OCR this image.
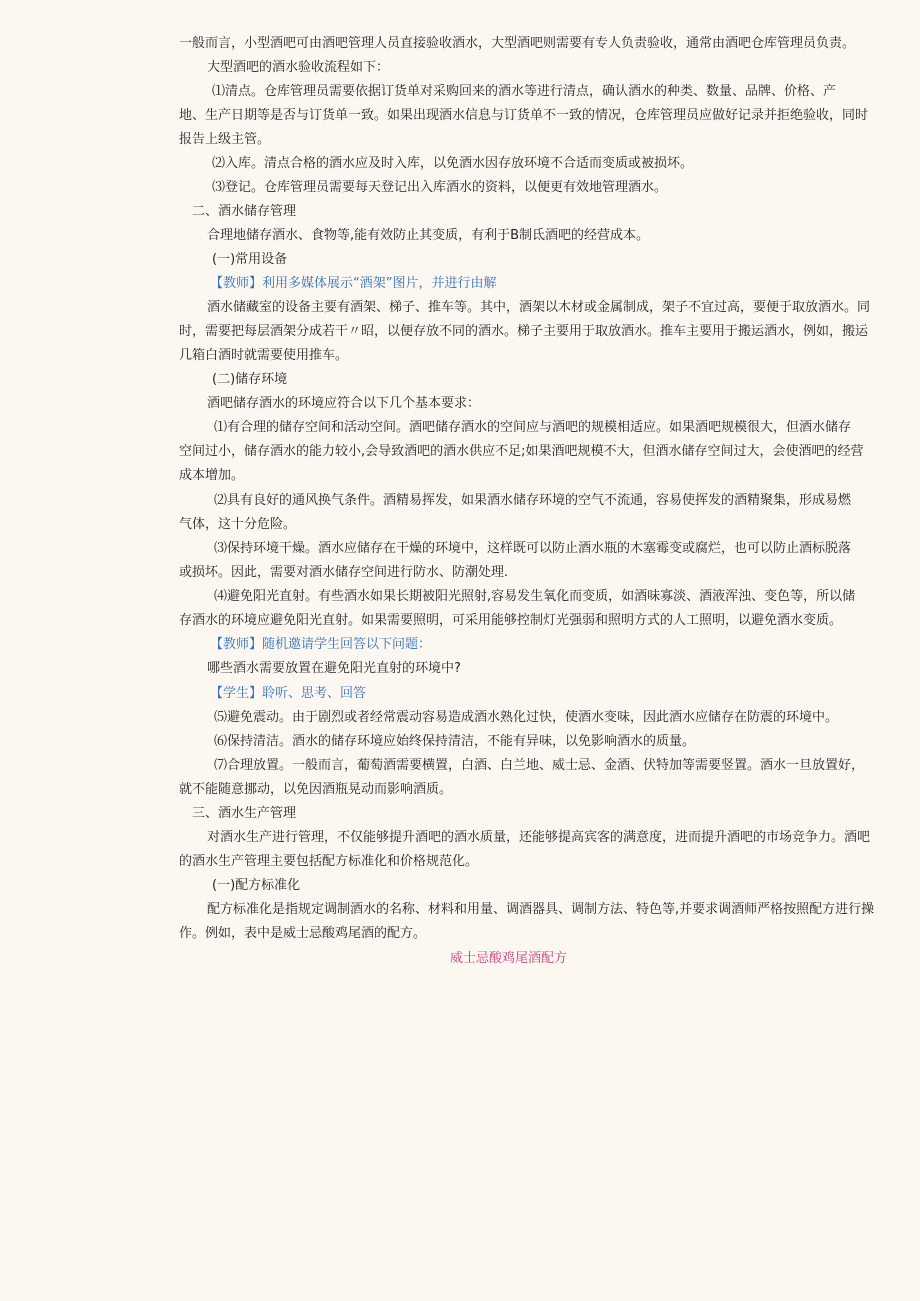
一般而言，小型酒吧可由酒吧管理人员直接验收酒水，大型酒吧则需要有专人负责验收，通常由酒吧仓库管理员负责。
大型酒吧的酒水验收流程如下：
⑴清点。仓库管理员需要依据订货单对采购回来的酒水等进行清点，确认酒水的种类、数量、品牌、价格、产
地、生产日期等是否与订货单一致。如果出现酒水信息与订货单不一致的情况，仓库管理员应做好记录并拒绝验收，同时
报告上级主管。
⑵入库。清点合格的酒水应及时入库，以免酒水因存放环境不合适而变质或被损坏。
⑶登记。仓库管理员需要每天登记出入库酒水的资料，以便更有效地管理酒水。
二、酒水储存管理
合理地储存酒水、食物等,能有效防止其变质，有利于B制氐酒吧的经营成本。
(一)常用设备
【教师】利用多媒体展示“酒架”图片，并进行由解
酒水储藏室的设备主要有酒架、梯子、推车等。其中，酒架以木材或金属制成，架子不宜过高，要便于取放酒水。同
时，需要把每层酒架分成若干〃昭，以便存放不同的酒水。梯子主要用于取放酒水。推车主要用于搬运酒水，例如，搬运
几箱白酒时就需要使用推车。
(二)储存环境
酒吧储存酒水的环境应符合以下几个基本要求：
⑴有合理的储存空间和活动空间。酒吧储存酒水的空间应与酒吧的规模相适应。如果酒吧规模很大，但酒水储存
空间过小，储存酒水的能力较小,会导致酒吧的酒水供应不足;如果酒吧规模不大，但酒水储存空间过大，会使酒吧的经营
成本增加。
⑵具有良好的通风换气条件。酒精易挥发，如果酒水储存环境的空气不流通，容易使挥发的酒精聚集，形成易燃
气体，这十分危险。
⑶保持环境干燥。酒水应储存在干燥的环境中，这样既可以防止酒水瓶的木塞霉变或腐烂，也可以防止酒标脱落
或损坏。因此，需要对酒水储存空间进行防水、防潮处理.
⑷避免阳光直射。有些酒水如果长期被阳光照射,容易发生氧化而变质，如酒味寡淡、酒液浑浊、变色等，所以储
存酒水的环境应避免阳光直射。如果需要照明，可采用能够控制灯光强弱和照明方式的人工照明，以避免酒水变质。
【教师】随机邀请学生回答以下问题：
哪些酒水需要放置在避免阳光直射的环境中?
【学生】聆听、思考、回答
⑸避免震动。由于剧烈或者经常震动容易造成酒水熟化过快，使酒水变味，因此酒水应储存在防震的环境中。
⑹保持清洁。酒水的储存环境应始终保持清洁，不能有异味，以免影响酒水的质量。
⑺合理放置。一般而言，葡萄酒需要横置，白酒、白兰地、威士忌、金酒、伏特加等需要竖置。酒水一旦放置好，
就不能随意挪动，以免因酒瓶晃动而影响酒质。
三、酒水生产管理
对酒水生产进行管理，不仅能够提升酒吧的酒水质量，还能够提高宾客的满意度，进而提升酒吧的市场竞争力。酒吧
的酒水生产管理主要包括配方标准化和价格规范化。
(一)配方标准化
配方标准化是指规定调制酒水的名称、材料和用量、调酒器具、调制方法、特色等,并要求调酒师严格按照配方进行操
作。例如，表中是威士忌酸鸡尾酒的配方。
威士忌酸鸡尾酒配方
